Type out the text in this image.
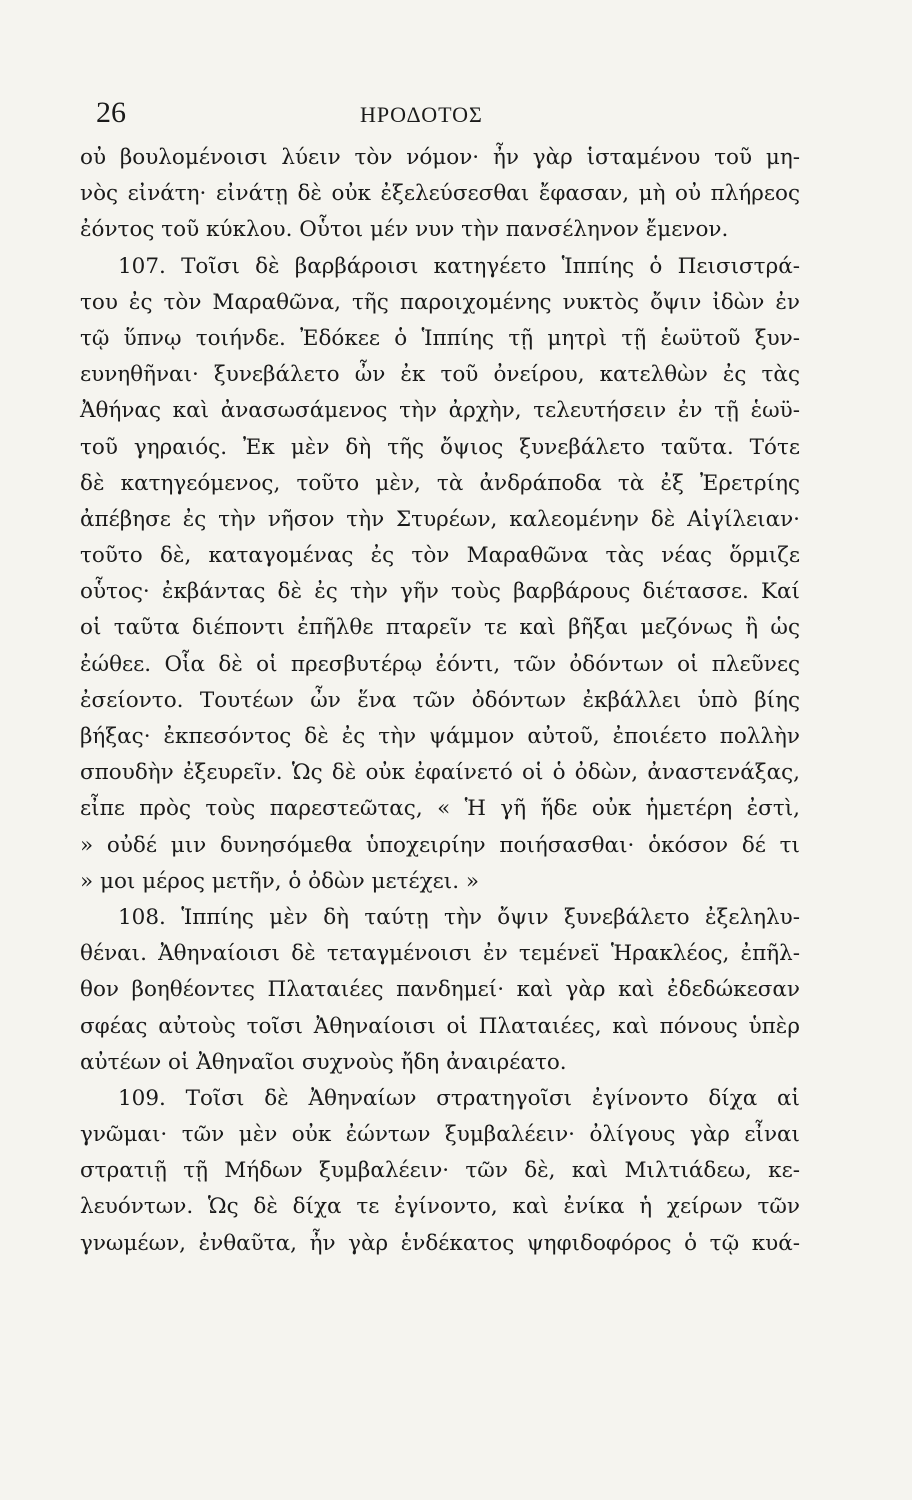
26	ΗΡΟΔΟΤΟΣ
οὐ βουλομένοισι λύειν τὸν νόμον· ἦν γὰρ ἱσταμένου τοῦ μη-
νὸς εἰνάτη· εἰνάτῃ δὲ οὐκ ἐξελεύσεσθαι ἔφασαν, μὴ οὐ πλήρεος
ἐόντος τοῦ κύκλου. Οὗτοι μέν νυν τὴν πανσέληνον ἔμενον.
107. Τοῖσι δὲ βαρβάροισι κατηγέετο Ἱππίης ὁ Πεισιστρά-
του ἐς τὸν Μαραθῶνα, τῆς παροιχομένης νυκτὸς ὄψιν ἰδὼν ἐν
τῷ ὕπνῳ τοιήνδε. Ἐδόκεε ὁ Ἱππίης τῇ μητρὶ τῇ ἑωϋτοῦ ξυν-
ευνηθῆναι· ξυνεβάλετο ὦν ἐκ τοῦ ὀνείρου, κατελθὼν ἐς τὰς
Ἀθήνας καὶ ἀνασωσάμενος τὴν ἀρχὴν, τελευτήσειν ἐν τῇ ἑωϋ-
τοῦ γηραιός. Ἐκ μὲν δὴ τῆς ὄψιος ξυνεβάλετο ταῦτα. Τότε
δὲ κατηγεόμενος, τοῦτο μὲν, τὰ ἀνδράποδα τὰ ἐξ Ἐρετρίης
ἀπέβησε ἐς τὴν νῆσον τὴν Στυρέων, καλεομένην δὲ Αἰγίλειαν·
τοῦτο δὲ, καταγομένας ἐς τὸν Μαραθῶνα τὰς νέας ὅρμιζε
οὗτος· ἐκβάντας δὲ ἐς τὴν γῆν τοὺς βαρβάρους διέτασσε. Καί
οἱ ταῦτα διέποντι ἐπῆλθε πταρεῖν τε καὶ βῆξαι μεζόνως ἢ ὡς
ἐώθεε. Οἷα δὲ οἱ πρεσβυτέρῳ ἐόντι, τῶν ὀδόντων οἱ πλεῦνες
ἐσείοντο. Τουτέων ὦν ἕνα τῶν ὀδόντων ἐκβάλλει ὑπὸ βίης
βήξας· ἐκπεσόντος δὲ ἐς τὴν ψάμμον αὐτοῦ, ἐποιέετο πολλὴν
σπουδὴν ἐξευρεῖν. Ὡς δὲ οὐκ ἐφαίνετό οἱ ὁ ὀδὼν, ἀναστενάξας,
εἶπε πρὸς τοὺς παρεστεῶτας, « Ἡ γῆ ἥδε οὐκ ἡμετέρη ἐστὶ,
» οὐδέ μιν δυνησόμεθα ὑποχειρίην ποιήσασθαι· ὁκόσον δέ τι
» μοι μέρος μετῆν, ὁ ὀδὼν μετέχει. »
108. Ἱππίης μὲν δὴ ταύτῃ τὴν ὄψιν ξυνεβάλετο ἐξεληλυ-
θέναι. Ἀθηναίοισι δὲ τεταγμένοισι ἐν τεμένεϊ Ἡρακλέος, ἐπῆλ-
θον βοηθέοντες Πλαταιέες πανδημεί· καὶ γὰρ καὶ ἐδεδώκεσαν
σφέας αὐτοὺς τοῖσι Ἀθηναίοισι οἱ Πλαταιέες, καὶ πόνους ὑπὲρ
αὐτέων οἱ Ἀθηναῖοι συχνοὺς ἤδη ἀναιρέατο.
109. Τοῖσι δὲ Ἀθηναίων στρατηγοῖσι ἐγίνοντο δίχα αἱ
γνῶμαι· τῶν μὲν οὐκ ἐώντων ξυμβαλέειν· ὀλίγους γὰρ εἶναι
στρατιῇ τῇ Μήδων ξυμβαλέειν· τῶν δὲ, καὶ Μιλτιάδεω, κε-
λευόντων. Ὡς δὲ δίχα τε ἐγίνοντο, καὶ ἐνίκα ἡ χείρων τῶν
γνωμέων, ἐνθαῦτα, ἦν γὰρ ἑνδέκατος ψηφιδοφόρος ὁ τῷ κυά-
